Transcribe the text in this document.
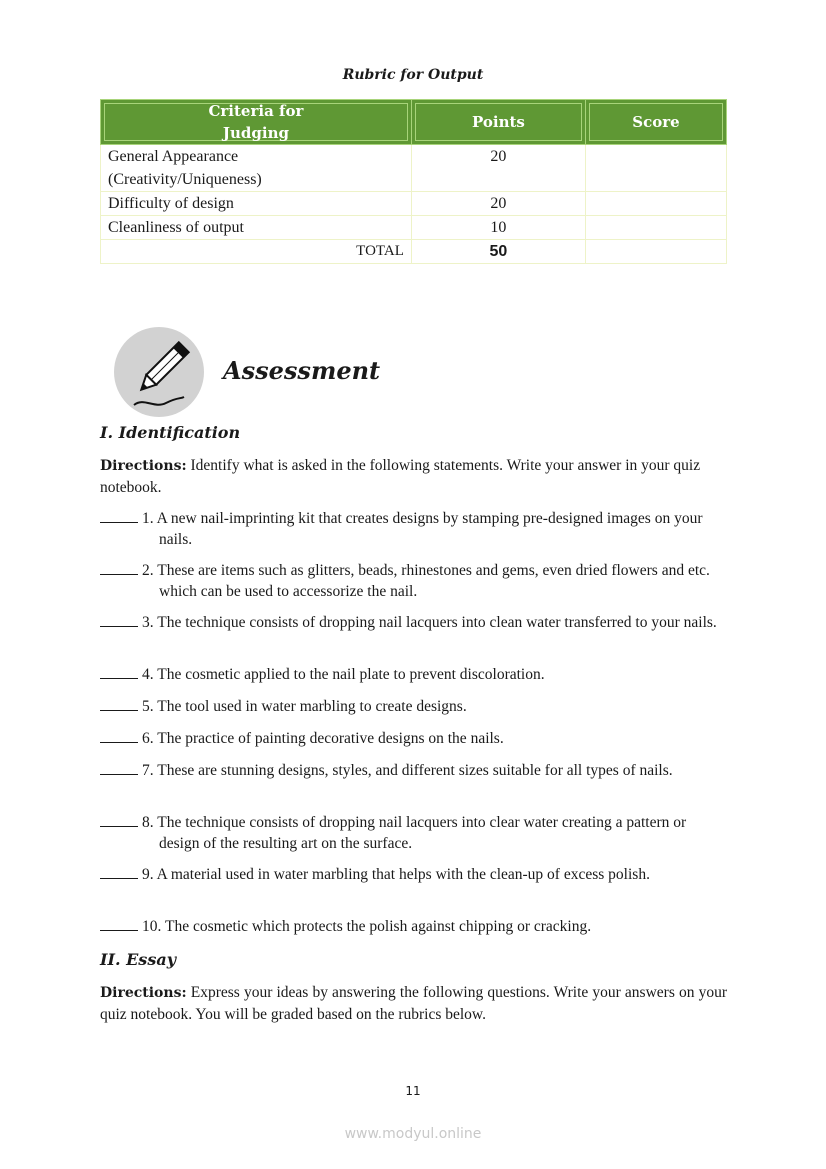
Rubric for Output
Criteria for
Judging	Points	Score

General Appearance
(Creativity/Uniqueness)	20	
Difficulty of design	20	
Cleanliness of output	10	
TOTAL	50	
Assessment
I. Identification
Directions: Identify what is asked in the following statements. Write your answer in your quiz notebook.
1. A new nail-imprinting kit that creates designs by stamping pre-designed images on your nails.
2. These are items such as glitters, beads, rhinestones and gems, even dried flowers and etc. which can be used to accessorize the nail.
3. The technique consists of dropping nail lacquers into clean water transferred to your nails.
4. The cosmetic applied to the nail plate to prevent discoloration.
5. The tool used in water marbling to create designs.
6. The practice of painting decorative designs on the nails.
7. These are stunning designs, styles, and different sizes suitable for all types of nails.
8. The technique consists of dropping nail lacquers into clear water creating a pattern or design of the resulting art on the surface.
9. A material used in water marbling that helps with the clean-up of excess polish.
10. The cosmetic which protects the polish against chipping or cracking.
II. Essay
Directions: Express your ideas by answering the following questions. Write your answers on your quiz notebook. You will be graded based on the rubrics below.
11
www.modyul.online
